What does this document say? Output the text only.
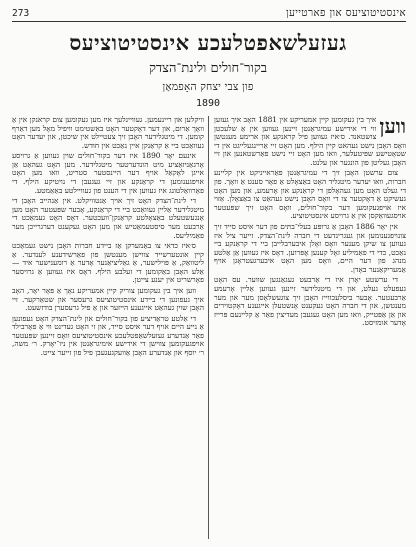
אינסטיטוציעס און פארטייען
273
געזעלשאפטלעכע אינסטיטוציעס
בקור־חולים ולינת־הצדק
פון צבי יצחק האָפמאַן
1890

ווען
איך בין געקומען קיין אמעריקע אין 1881 האָב איך געזען ווי די אידישע עמיגראַנטן זיינען געווען אין אַ שלעכטן צושטאנד. ס׳איז געווען פיל קראנקע און ארימע מענטשן וואָס האָבן נישט געהאט קיין הילף. מען האָט זיי אַריינגעלייגט אין די שטאָטישע שפּיטעלער, וואו מען האָט זיי נישט פאַרשטאנען און זיי האָבן געליטן פון הונגער און עלנט.

צום ערשטן האָבן זיך די עמיגראַנטן פאַראייניקט אין קליינע חברות, וואו יעדער מיטגליד האָט באַצאָלט אַ פאָר סענט אַ וואָך. פון די געלט האָט מען געהאָלפן די קראַנקע און אָרעמע, און מען האָט געשיקט אַ דאָקטער צו די וואָס האָבן נישט געהאַט צו באַצאָלן. אַזוי איז אויפגעקומען דער בקור־חולים, וואָס האָט זיך שפּעטער אויסגעוואַקסן אין אַ גרויסע אינסטיטוציע.

אין יאָר 1886 האָבן אַ גרופּע בעלי־בתּים פון דער איסט סייד זיך צונויפגענומען און געגרינדעט די חברה לינת־הצדק. זייער ציל איז געווען צו שיקן מענער וואָס זאָלן איבערבלייבן ביי די קראַנקע ביי נאַכט, כדי די פאַמיליע זאָל קענען אָפּרוען. דאָס איז געווען אַן אַלטע מנהג פון דער היים, וואָס מען האָט איבערגעטראָגן אויף אַמעריקאַנער באָדן.

די ערשטע יאָרן איז די אַרבעט געגאַנגען שווער. עס האָט געפעלט געלט, און די מיטגלידער זיינען געווען אַליין אָרעמע אַרבעטער. אָבער ביסלעכווייז האָבן זיך צוגעשלאָסן מער און מער מענטשן, און די חברה האָט געקענט אָנשטעלן אייגענע דאָקטוירים און אַן אַפּטייק, וואו מען האָט געגעבן מעדיצין פאַר אַ קליינעם פּרייז אָדער אומזיסט.

וויקלען און ריינעמען. געוויינלעך איז מען געקומען צום קראנקן אין אַ וואָך אַרום, און דער דאָקטער האָט באַשטימט וויפיל מאָל מען דאַרף קומען. די מיטגלידער האָבן זיך צעטיילט אין שיכטן, און יעדער האָט געוואַכט ביי אַ קראַנקן איין נאַכט אין חודש.

אינעם יאָר 1890 איז דער בקור־חולים שוין געווען אַ גרויסע אָרגאַניזאַציע מיט הונדערטער מיטגלידער. מען האָט געהאַט אַן אייגן לאָקאַל אויף דער היינסטער סטריט, וואו מען האָט אויפגענומען די קראַנקע און זיי געגעבן די נויטיקע הילף. די פאַרוואַלטונג איז געווען אין די הענט פון געוויילטע באַאַמטע.

די לינת־הצדק האָט זיך אויך אַנטוויקלט. אין אַנהייב האָבן די מיטגלידער אַליין געוואַכט ביי די קראַנקע, אָבער שפּעטער האָט מען אָנגעשטעלט באַצאָלטע קראַנקן־וועכטער. דאָס האָט געמאַכט די אַרבעט מער סיסטעמאַטיש און מען האָט געקענט דערגרייכן מער פאַמיליעס.

ס׳איז כדאי צו באַמערקן אַז ביידע חברות האָבן נישט געמאַכט קיין אונטערשייד צווישן מענטשן פון פאַרשידענע לענדער. אַ ליטוואַק, אַ פּוילישער, אַ גאַליציאַנער אָדער אַ רומענישער איד — אַלע האָבן באַקומען די זעלבע הילף. דאָס איז געווען אַ גרויסער פאָרשריט אין יענע צייטן.

ווען איך בין געקומען צוריק קיין אמעריקע נאָך אַ פּאָר יאָר, האָב איך געפונען די ביידע אינסטיטוציעס גרעסער און שטאַרקער. זיי האָבן שוין געהאַט אייגענע הייזער און אַ פיל גרעסערן בודזשעט.

די אַלטע טראַדיציע פון בקור־חולים און לינת־הצדק האָט געפונען אַ נייע היים אויף דער איסט סייד, און זי האָט געדינט ווי אַ פאָרבילד פאַר אַנדערע געזעלשאַפטלעכע אינסטיטוציעס וואָס זיינען שפּעטער אויפגעקומען צווישן די אידישע אימיגראַנטן אין ניו־יאָרק. ר׳ משה, ר׳ יוסף און אַנדערע האָבן אַוועקגעגעבן פיל פון זייער צייט.
